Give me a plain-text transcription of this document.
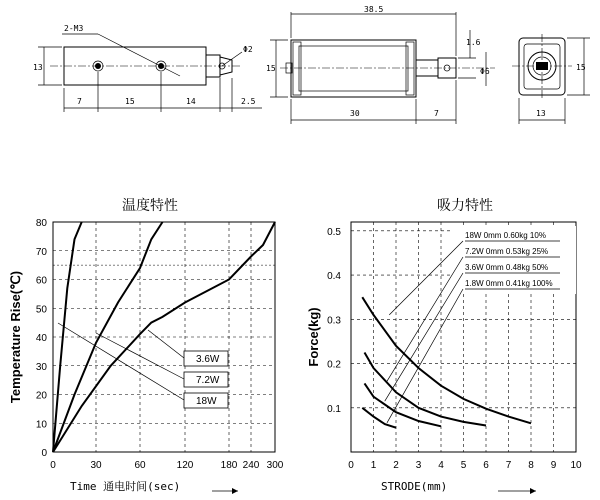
2-M3
Φ2
13
7	15	14	2.5
38.5
15
1.6
Φ6
30	7
15
13
温度特性
0
10
20
30
40
50
60
70
80
0	30	60	120	180 240 300
3.6W
7.2W
18W
Temperature Rise(℃)
Time 通电时间(sec)
吸力特性
0.1
0.2
0.3
0.4
0.5
0 1 2 3 4 5 6 7 8 9 10
18W 0mm 0.60kg 10%
7.2W 0mm 0.53kg 25%
3.6W 0mm 0.48kg 50%
1.8W 0mm 0.41kg 100%
Force(kg)
STRODE(mm)
